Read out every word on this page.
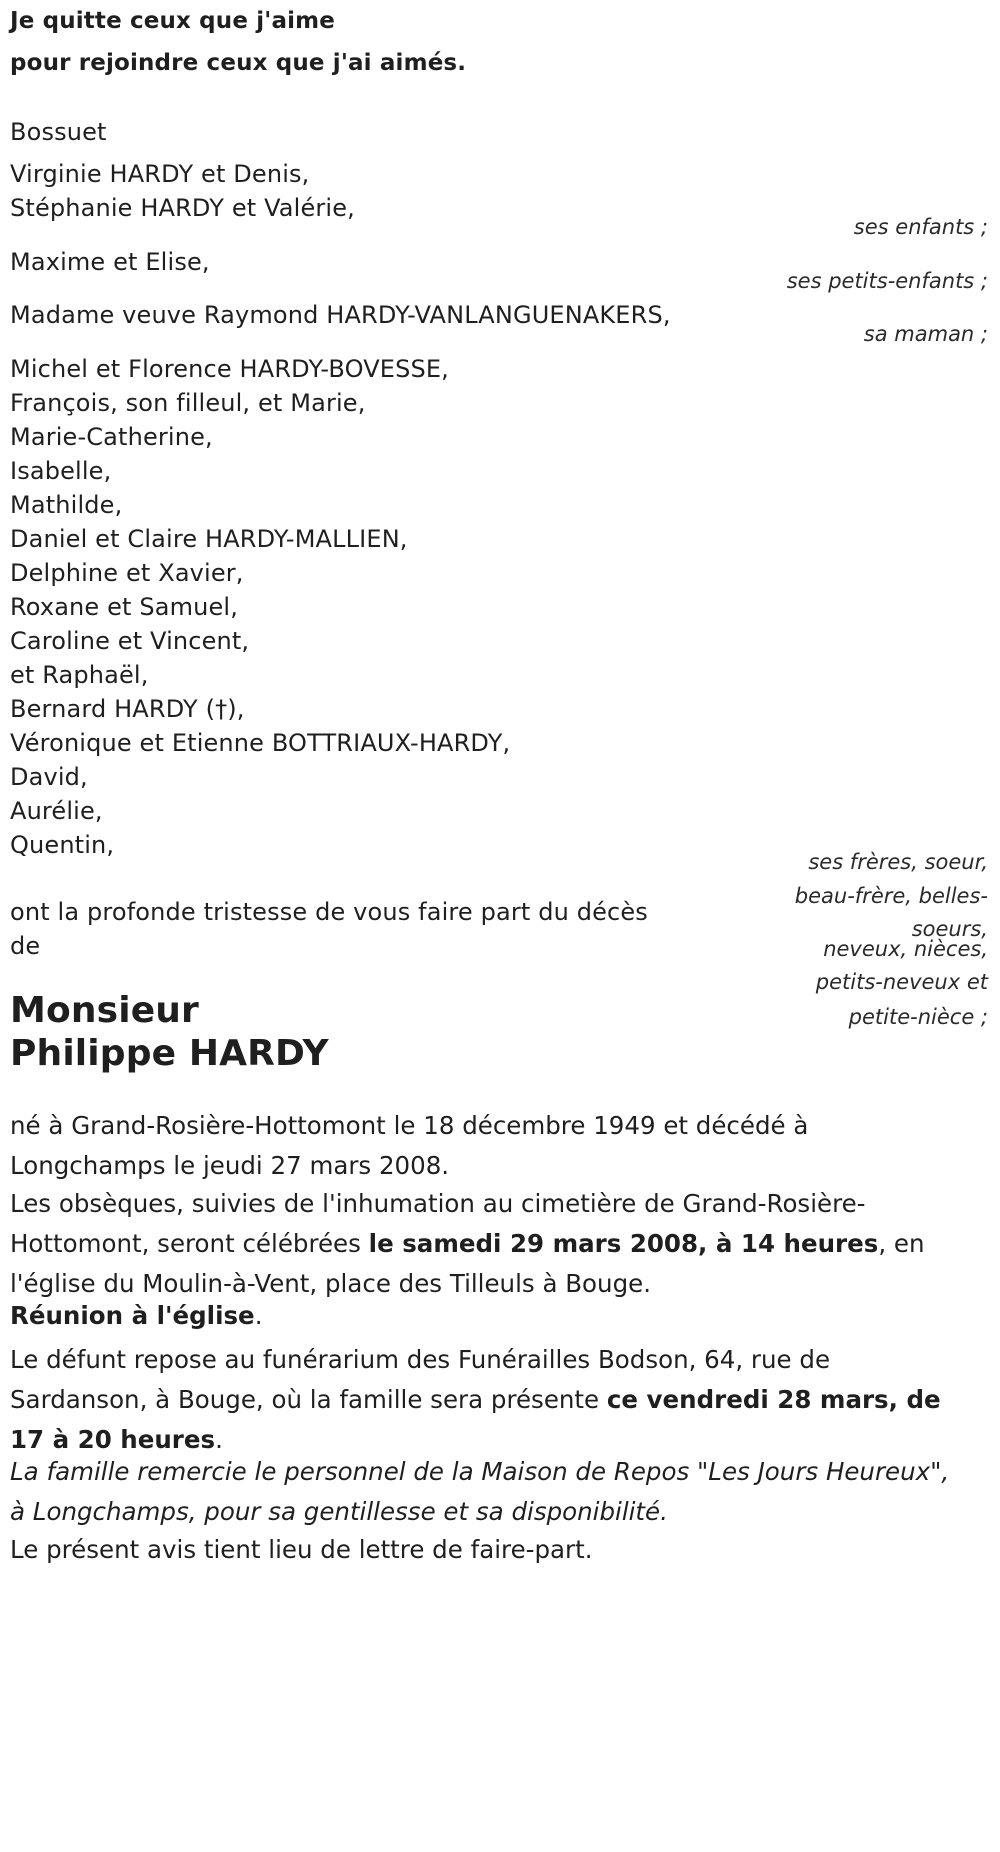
Je quitte ceux que j'aime
pour rejoindre ceux que j'ai aimés.
Bossuet
Virginie HARDY et Denis,
Stéphanie HARDY et Valérie,
ses enfants ;
Maxime et Elise,
ses petits-enfants ;
Madame veuve Raymond HARDY-VANLANGUENAKERS,
sa maman ;
Michel et Florence HARDY-BOVESSE,
François, son filleul, et Marie,
Marie-Catherine,
Isabelle,
Mathilde,
Daniel et Claire HARDY-MALLIEN,
Delphine et Xavier,
Roxane et Samuel,
Caroline et Vincent,
et Raphaël,
Bernard HARDY (†),
Véronique et Etienne BOTTRIAUX-HARDY,
David,
Aurélie,
Quentin,
ses frères, soeur,
beau-frère, belles-
soeurs,
neveux, nièces,
petits-neveux et
petite-nièce ;
ont la profonde tristesse de vous faire part du décès
de
Monsieur
Philippe HARDY
né à Grand-Rosière-Hottomont le 18 décembre 1949 et décédé à Longchamps le jeudi 27 mars 2008.
Les obsèques, suivies de l'inhumation au cimetière de Grand-Rosière-Hottomont, seront célébrées le samedi 29 mars 2008, à 14 heures, en l'église du Moulin-à-Vent, place des Tilleuls à Bouge.
Réunion à l'église.
Le défunt repose au funérarium des Funérailles Bodson, 64, rue de Sardanson, à Bouge, où la famille sera présente ce vendredi 28 mars, de 17 à 20 heures.
La famille remercie le personnel de la Maison de Repos "Les Jours Heureux", à Longchamps, pour sa gentillesse et sa disponibilité.
Le présent avis tient lieu de lettre de faire-part.
